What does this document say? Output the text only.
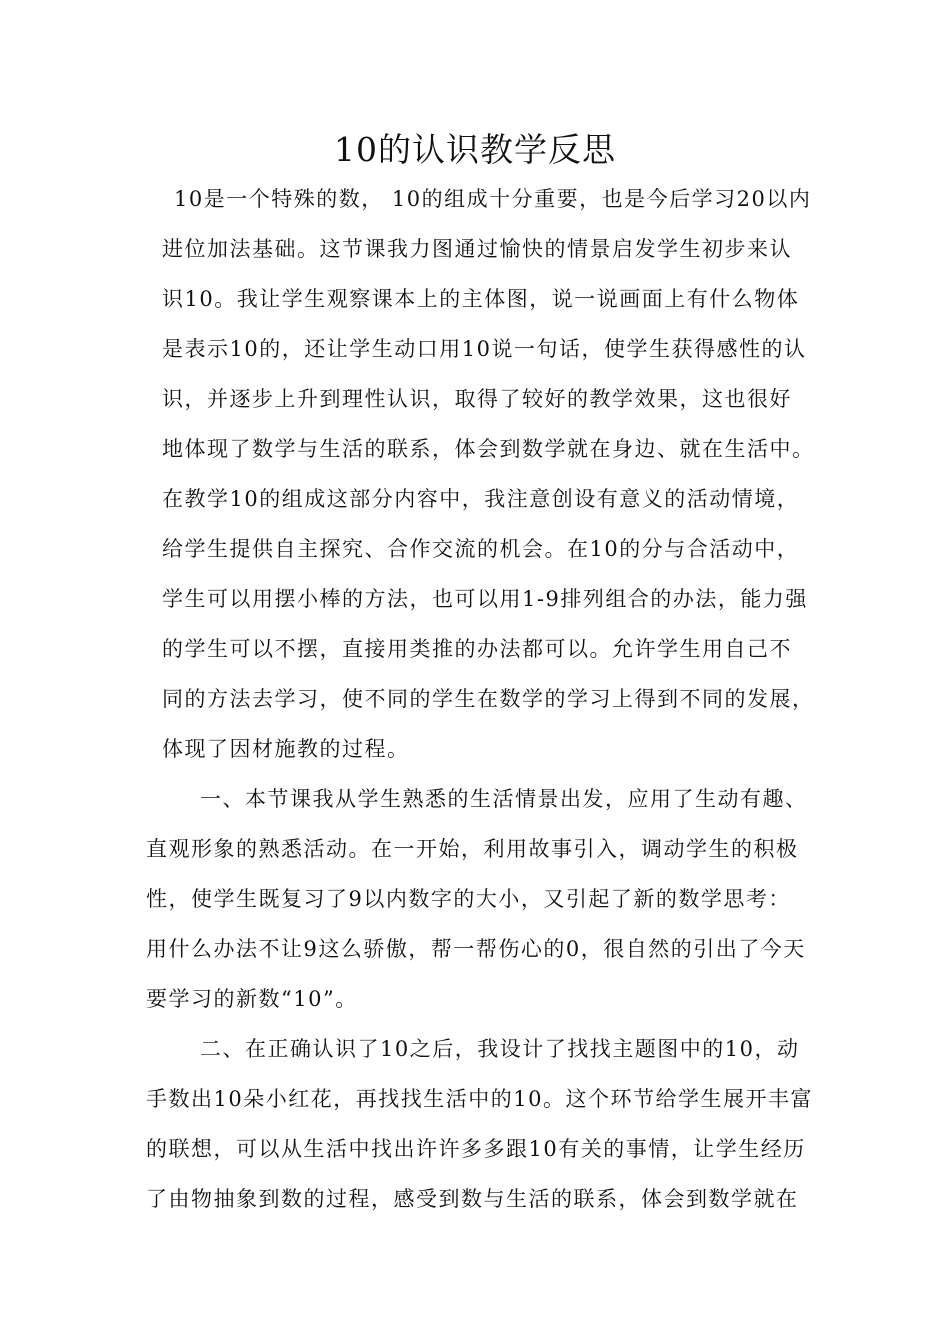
10的认识教学反思

10是一个特殊的数， 10的组成十分重要，也是今后学习20以内

进位加法基础。这节课我力图通过愉快的情景启发学生初步来认

识10。我让学生观察课本上的主体图，说一说画面上有什么物体

是表示10的，还让学生动口用10说一句话，使学生获得感性的认

识，并逐步上升到理性认识，取得了较好的教学效果，这也很好

地体现了数学与生活的联系，体会到数学就在身边、就在生活中。

在教学10的组成这部分内容中，我注意创设有意义的活动情境，

给学生提供自主探究、合作交流的机会。在10的分与合活动中，

学生可以用摆小棒的方法，也可以用1-9排列组合的办法，能力强

的学生可以不摆，直接用类推的办法都可以。允许学生用自己不

同的方法去学习，使不同的学生在数学的学习上得到不同的发展，

体现了因材施教的过程。

一、本节课我从学生熟悉的生活情景出发，应用了生动有趣、

直观形象的熟悉活动。在一开始，利用故事引入，调动学生的积极

性，使学生既复习了9以内数字的大小，又引起了新的数学思考：

用什么办法不让9这么骄傲，帮一帮伤心的0，很自然的引出了今天

要学习的新数“10”。

二、在正确认识了10之后，我设计了找找主题图中的10，动

手数出10朵小红花，再找找生活中的10。这个环节给学生展开丰富

的联想，可以从生活中找出许许多多跟10有关的事情，让学生经历

了由物抽象到数的过程，感受到数与生活的联系，体会到数学就在
